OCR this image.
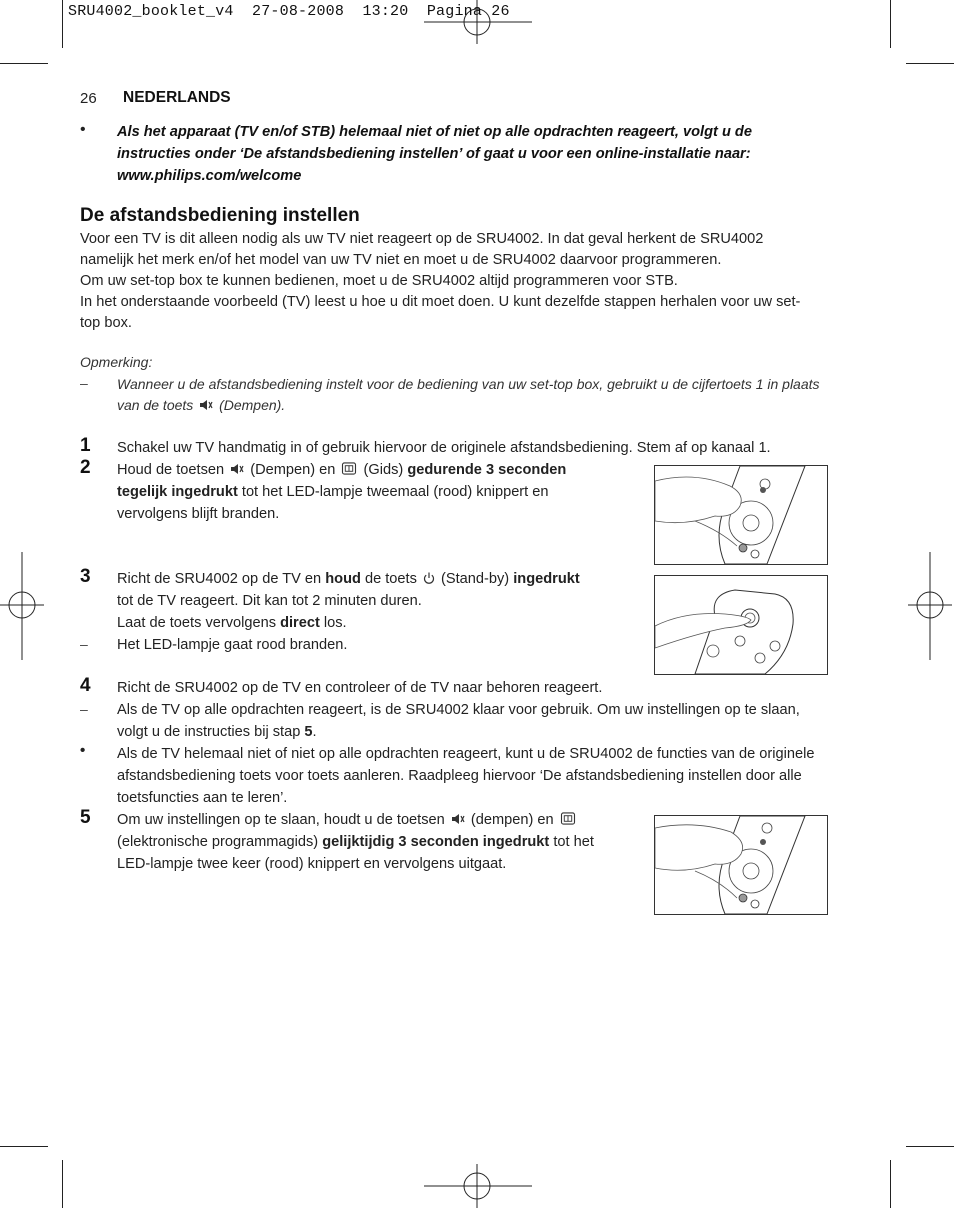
SRU4002_booklet_v4  27-08-2008  13:20  Pagina 26
26 NEDERLANDS
• Als het apparaat (TV en/of STB) helemaal niet of niet op alle opdrachten reageert, volgt u de instructies onder ‘De afstandsbediening instellen’ of gaat u voor een online-installatie naar: www.philips.com/welcome
De afstandsbediening instellen

Voor een TV is dit alleen nodig als uw TV niet reageert op de SRU4002. In dat geval herkent de SRU4002 namelijk het merk en/of het model van uw TV niet en moet u de SRU4002 daarvoor programmeren.

Om uw set-top box te kunnen bedienen, moet u de SRU4002 altijd programmeren voor STB.

In het onderstaande voorbeeld (TV) leest u hoe u dit moet doen. U kunt dezelfde stappen herhalen voor uw set-top box.

Opmerking:
– Wanneer u de afstandsbediening instelt voor de bediening van uw set-top box, gebruikt u de cijfertoets 1 in plaats van de toets (Dempen).
1 Schakel uw TV handmatig in of gebruik hiervoor de originele afstandsbediening. Stem af op kanaal 1.
2 Houd de toetsen (Dempen) en (Gids) gedurende 3 seconden
tegelijk ingedrukt tot het LED-lampje tweemaal (rood) knippert en
vervolgens blijft branden.
3 Richt de SRU4002 op de TV en houd de toets (Stand-by) ingedrukt
tot de TV reageert. Dit kan tot 2 minuten duren.
Laat de toets vervolgens direct los.
– Het LED-lampje gaat rood branden.
4 Richt de SRU4002 op de TV en controleer of de TV naar behoren reageert.
– Als de TV op alle opdrachten reageert, is de SRU4002 klaar voor gebruik. Om uw instellingen op te slaan, volgt u de instructies bij stap 5.
• Als de TV helemaal niet of niet op alle opdrachten reageert, kunt u de SRU4002 de functies van de originele afstandsbediening toets voor toets aanleren. Raadpleeg hiervoor ‘De afstandsbediening instellen door alle toetsfuncties aan te leren’.
5 Om uw instellingen op te slaan, houdt u de toetsen (dempen) en
(elektronische programmagids) gelijktijdig 3 seconden ingedrukt tot het
LED-lampje twee keer (rood) knippert en vervolgens uitgaat.
